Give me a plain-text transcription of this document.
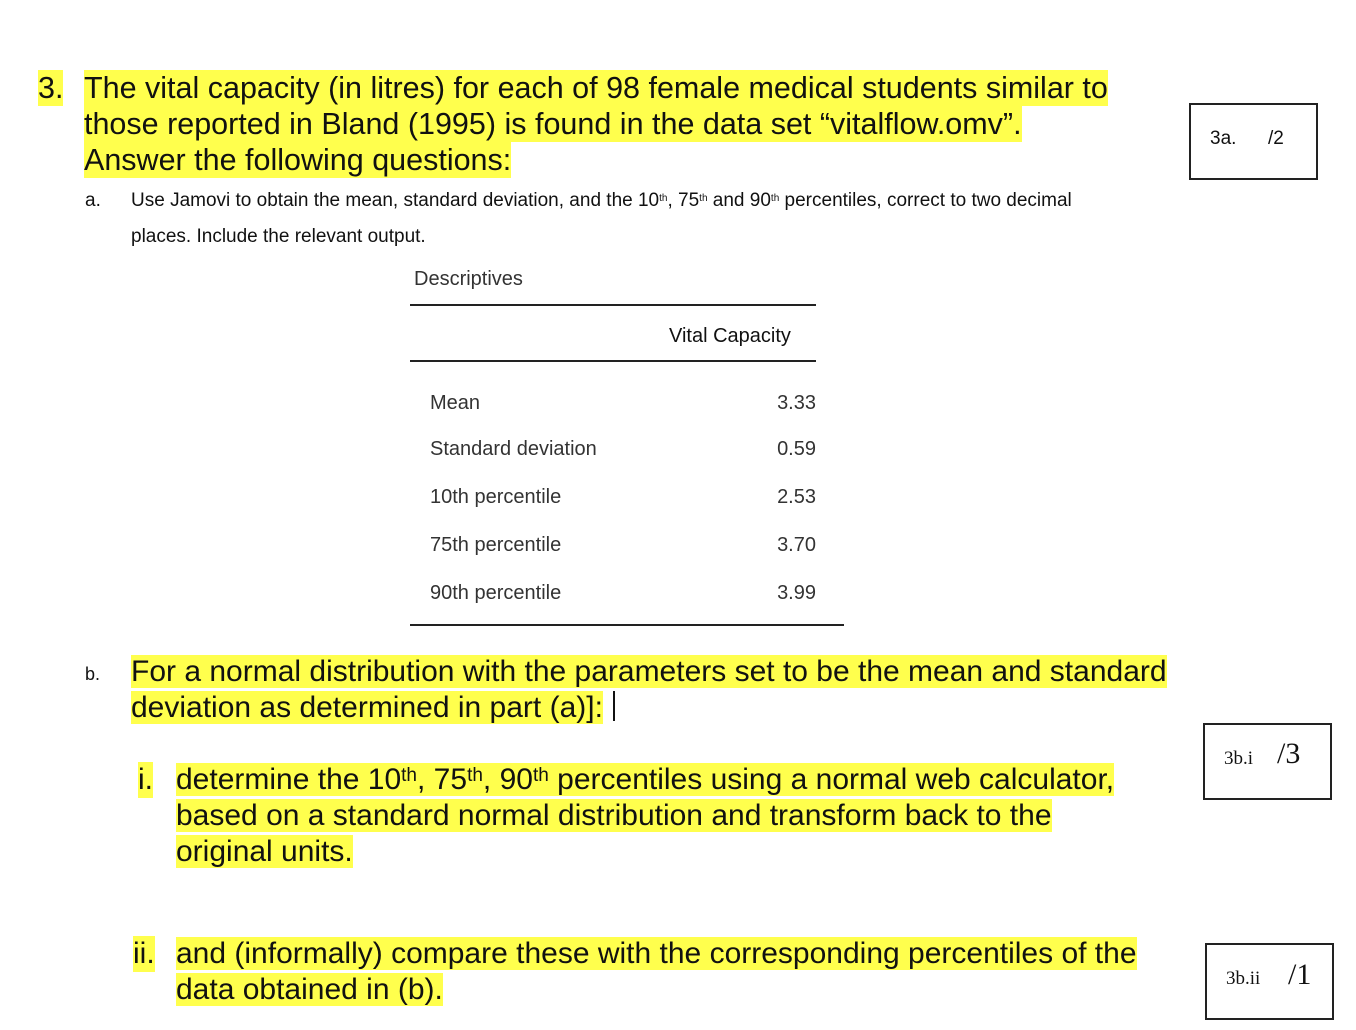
3. The vital capacity (in litres) for each of 98 female medical students similar to
those reported in Bland (1995) is found in the data set “vitalflow.omv”.
Answer the following questions:
3a. /2
a. Use Jamovi to obtain the mean, standard deviation, and the 10th, 75th and 90th percentiles, correct to two decimal
places. Include the relevant output.
Descriptives
Vital Capacity
Mean	3.33
Standard deviation	0.59
10th percentile	2.53
75th percentile	3.70
90th percentile	3.99
b. For a normal distribution with the parameters set to be the mean and standard
deviation as determined in part (a)]:
3b.i /3
i. determine the 10th, 75th, 90th percentiles using a normal web calculator,
based on a standard normal distribution and transform back to the
original units.
ii. and (informally) compare these with the corresponding percentiles of the
data obtained in (b).	3b.ii /1
